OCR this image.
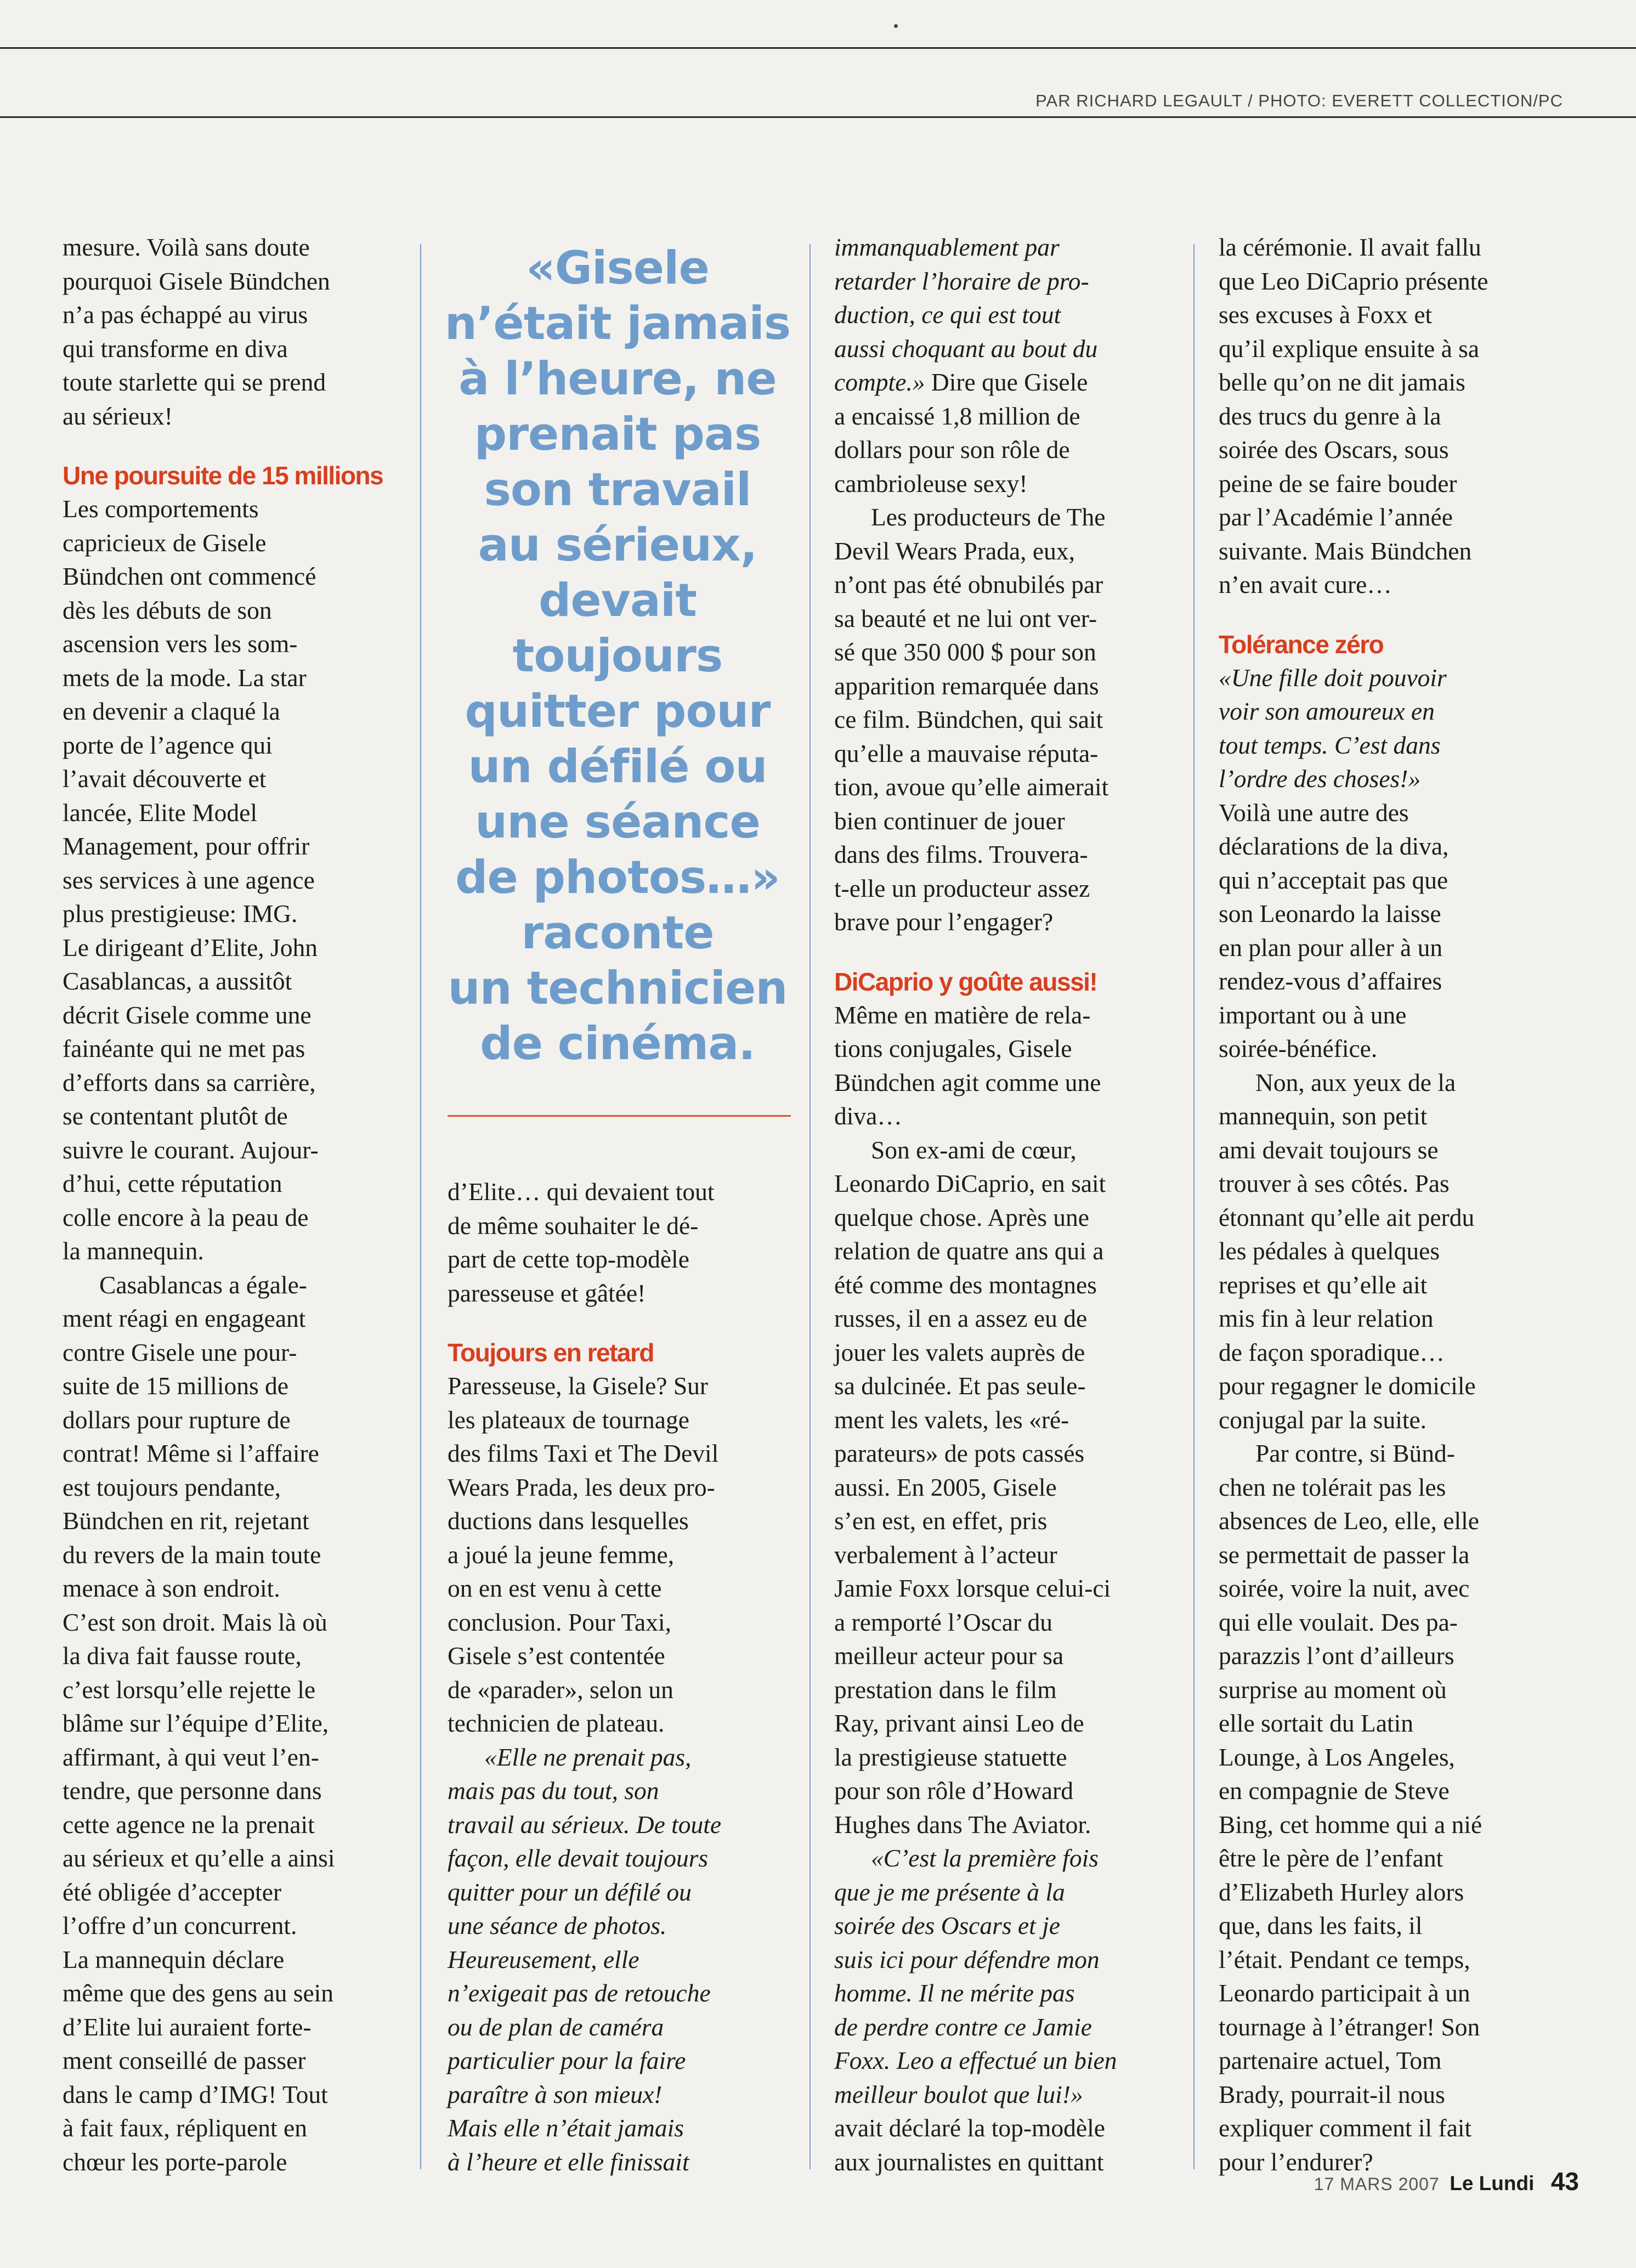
PAR RICHARD LEGAULT / PHOTO: EVERETT COLLECTION/PC

mesure. Voilà sans doute
pourquoi Gisele Bündchen
n’a pas échappé au virus
qui transforme en diva
toute starlette qui se prend
au sérieux!

Une poursuite de 15 millions

Les comportements
capricieux de Gisele
Bündchen ont commencé
dès les débuts de son
ascension vers les som-
mets de la mode. La star
en devenir a claqué la
porte de l’agence qui
l’avait découverte et
lancée, Elite Model
Management, pour offrir
ses services à une agence
plus prestigieuse: IMG.
Le dirigeant d’Elite, John
Casablancas, a aussitôt
décrit Gisele comme une
fainéante qui ne met pas
d’efforts dans sa carrière,
se contentant plutôt de
suivre le courant. Aujour-
d’hui, cette réputation
colle encore à la peau de
la mannequin.

Casablancas a égale-
ment réagi en engageant
contre Gisele une pour-
suite de 15 millions de
dollars pour rupture de
contrat! Même si l’affaire
est toujours pendante,
Bündchen en rit, rejetant
du revers de la main toute
menace à son endroit.
C’est son droit. Mais là où
la diva fait fausse route,
c’est lorsqu’elle rejette le
blâme sur l’équipe d’Elite,
affirmant, à qui veut l’en-
tendre, que personne dans
cette agence ne la prenait
au sérieux et qu’elle a ainsi
été obligée d’accepter
l’offre d’un concurrent.
La mannequin déclare
même que des gens au sein
d’Elite lui auraient forte-
ment conseillé de passer
dans le camp d’IMG! Tout
à fait faux, répliquent en
chœur les porte-parole

«Gisele
n’était jamais
à l’heure, ne
prenait pas
son travail
au sérieux,
devait
toujours
quitter pour
un défilé ou
une séance
de photos…»
raconte
un technicien
de cinéma.

d’Elite… qui devaient tout
de même souhaiter le dé-
part de cette top-modèle
paresseuse et gâtée!

Toujours en retard

Paresseuse, la Gisele? Sur
les plateaux de tournage
des films Taxi et The Devil
Wears Prada, les deux pro-
ductions dans lesquelles
a joué la jeune femme,
on en est venu à cette
conclusion. Pour Taxi,
Gisele s’est contentée
de «parader», selon un
technicien de plateau.

«Elle ne prenait pas,
mais pas du tout, son
travail au sérieux. De toute
façon, elle devait toujours
quitter pour un défilé ou
une séance de photos.
Heureusement, elle
n’exigeait pas de retouche
ou de plan de caméra
particulier pour la faire
paraître à son mieux!
Mais elle n’était jamais
à l’heure et elle finissait

immanquablement par
retarder l’horaire de pro-
duction, ce qui est tout
aussi choquant au bout du
compte.» Dire que Gisele
a encaissé 1,8 million de
dollars pour son rôle de
cambrioleuse sexy!

Les producteurs de The
Devil Wears Prada, eux,
n’ont pas été obnubilés par
sa beauté et ne lui ont ver-
sé que 350 000 $ pour son
apparition remarquée dans
ce film. Bündchen, qui sait
qu’elle a mauvaise réputa-
tion, avoue qu’elle aimerait
bien continuer de jouer
dans des films. Trouvera-
t-elle un producteur assez
brave pour l’engager?

DiCaprio y goûte aussi!

Même en matière de rela-
tions conjugales, Gisele
Bündchen agit comme une
diva…

Son ex-ami de cœur,
Leonardo DiCaprio, en sait
quelque chose. Après une
relation de quatre ans qui a
été comme des montagnes
russes, il en a assez eu de
jouer les valets auprès de
sa dulcinée. Et pas seule-
ment les valets, les «ré-
parateurs» de pots cassés
aussi. En 2005, Gisele
s’en est, en effet, pris
verbalement à l’acteur
Jamie Foxx lorsque celui-ci
a remporté l’Oscar du
meilleur acteur pour sa
prestation dans le film
Ray, privant ainsi Leo de
la prestigieuse statuette
pour son rôle d’Howard
Hughes dans The Aviator.

«C’est la première fois
que je me présente à la
soirée des Oscars et je
suis ici pour défendre mon
homme. Il ne mérite pas
de perdre contre ce Jamie
Foxx. Leo a effectué un bien
meilleur boulot que lui!»
avait déclaré la top-modèle
aux journalistes en quittant

la cérémonie. Il avait fallu
que Leo DiCaprio présente
ses excuses à Foxx et
qu’il explique ensuite à sa
belle qu’on ne dit jamais
des trucs du genre à la
soirée des Oscars, sous
peine de se faire bouder
par l’Académie l’année
suivante. Mais Bündchen
n’en avait cure…

Tolérance zéro

«Une fille doit pouvoir
voir son amoureux en
tout temps. C’est dans
l’ordre des choses!»

Voilà une autre des
déclarations de la diva,
qui n’acceptait pas que
son Leonardo la laisse
en plan pour aller à un
rendez-vous d’affaires
important ou à une
soirée-bénéfice.

Non, aux yeux de la
mannequin, son petit
ami devait toujours se
trouver à ses côtés. Pas
étonnant qu’elle ait perdu
les pédales à quelques
reprises et qu’elle ait
mis fin à leur relation
de façon sporadique…
pour regagner le domicile
conjugal par la suite.

Par contre, si Bünd-
chen ne tolérait pas les
absences de Leo, elle, elle
se permettait de passer la
soirée, voire la nuit, avec
qui elle voulait. Des pa-
parazzis l’ont d’ailleurs
surprise au moment où
elle sortait du Latin
Lounge, à Los Angeles,
en compagnie de Steve
Bing, cet homme qui a nié
être le père de l’enfant
d’Elizabeth Hurley alors
que, dans les faits, il
l’était. Pendant ce temps,
Leonardo participait à un
tournage à l’étranger! Son
partenaire actuel, Tom
Brady, pourrait-il nous
expliquer comment il fait
pour l’endurer?

17 MARS 2007 Le Lundi 43
